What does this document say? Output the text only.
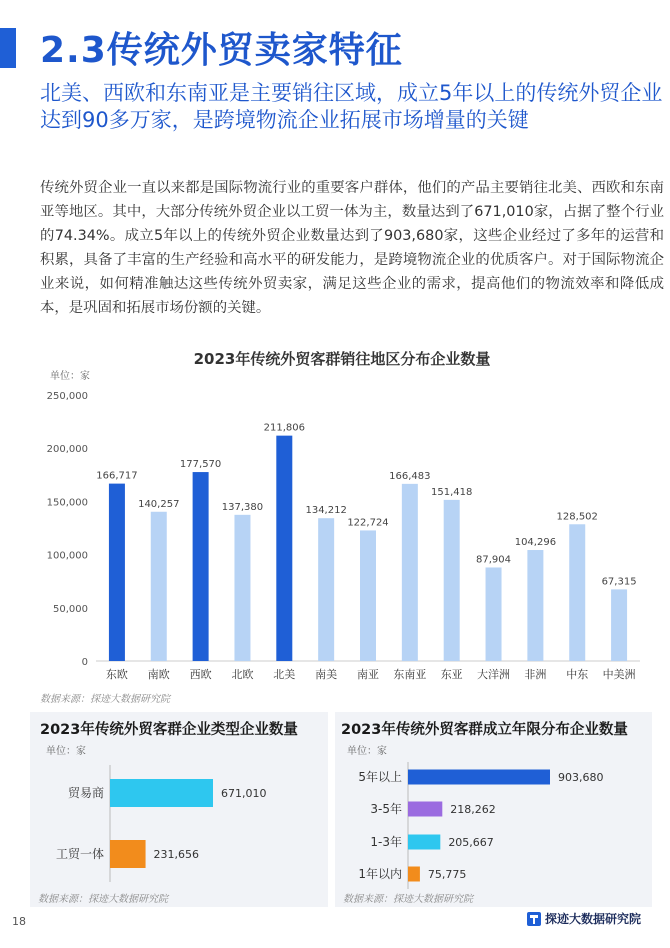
2.3传统外贸卖家特征
北美、西欧和东南亚是主要销往区域，成立5年以上的传统外贸企业达到90多万家，是跨境物流企业拓展市场增量的关键
传统外贸企业一直以来都是国际物流行业的重要客户群体，他们的产品主要销往北美、西欧和东南亚等地区。其中，大部分传统外贸企业以工贸一体为主，数量达到了671,010家，占据了整个行业的74.34%。成立5年以上的传统外贸企业数量达到了903,680家，这些企业经过了多年的运营和积累，具备了丰富的生产经验和高水平的研发能力，是跨境物流企业的优质客户。对于国际物流企业来说，如何精准触达这些传统外贸卖家，满足这些企业的需求，提高他们的物流效率和降低成本，是巩固和拓展市场份额的关键。
2023年传统外贸客群销往地区分布企业数量
单位：家
0
50,000
100,000
150,000
200,000
250,000
166,717
东欧
140,257
南欧
177,570
西欧
137,380
北欧
211,806
北美
134,212
南美
122,724
南亚
166,483
东南亚
151,418
东亚
87,904
大洋洲
104,296
非洲
128,502
中东
67,315
中美洲
数据来源：探迹大数据研究院
2023年传统外贸客群企业类型企业数量
单位：家
贸易商	671,010
工贸一体	231,656
数据来源：探迹大数据研究院
2023年传统外贸客群成立年限分布企业数量
单位：家
5年以上	903,680
3-5年	218,262
1-3年	205,667
1年以内 75,775
数据来源：探迹大数据研究院
18	探迹大数据研究院
